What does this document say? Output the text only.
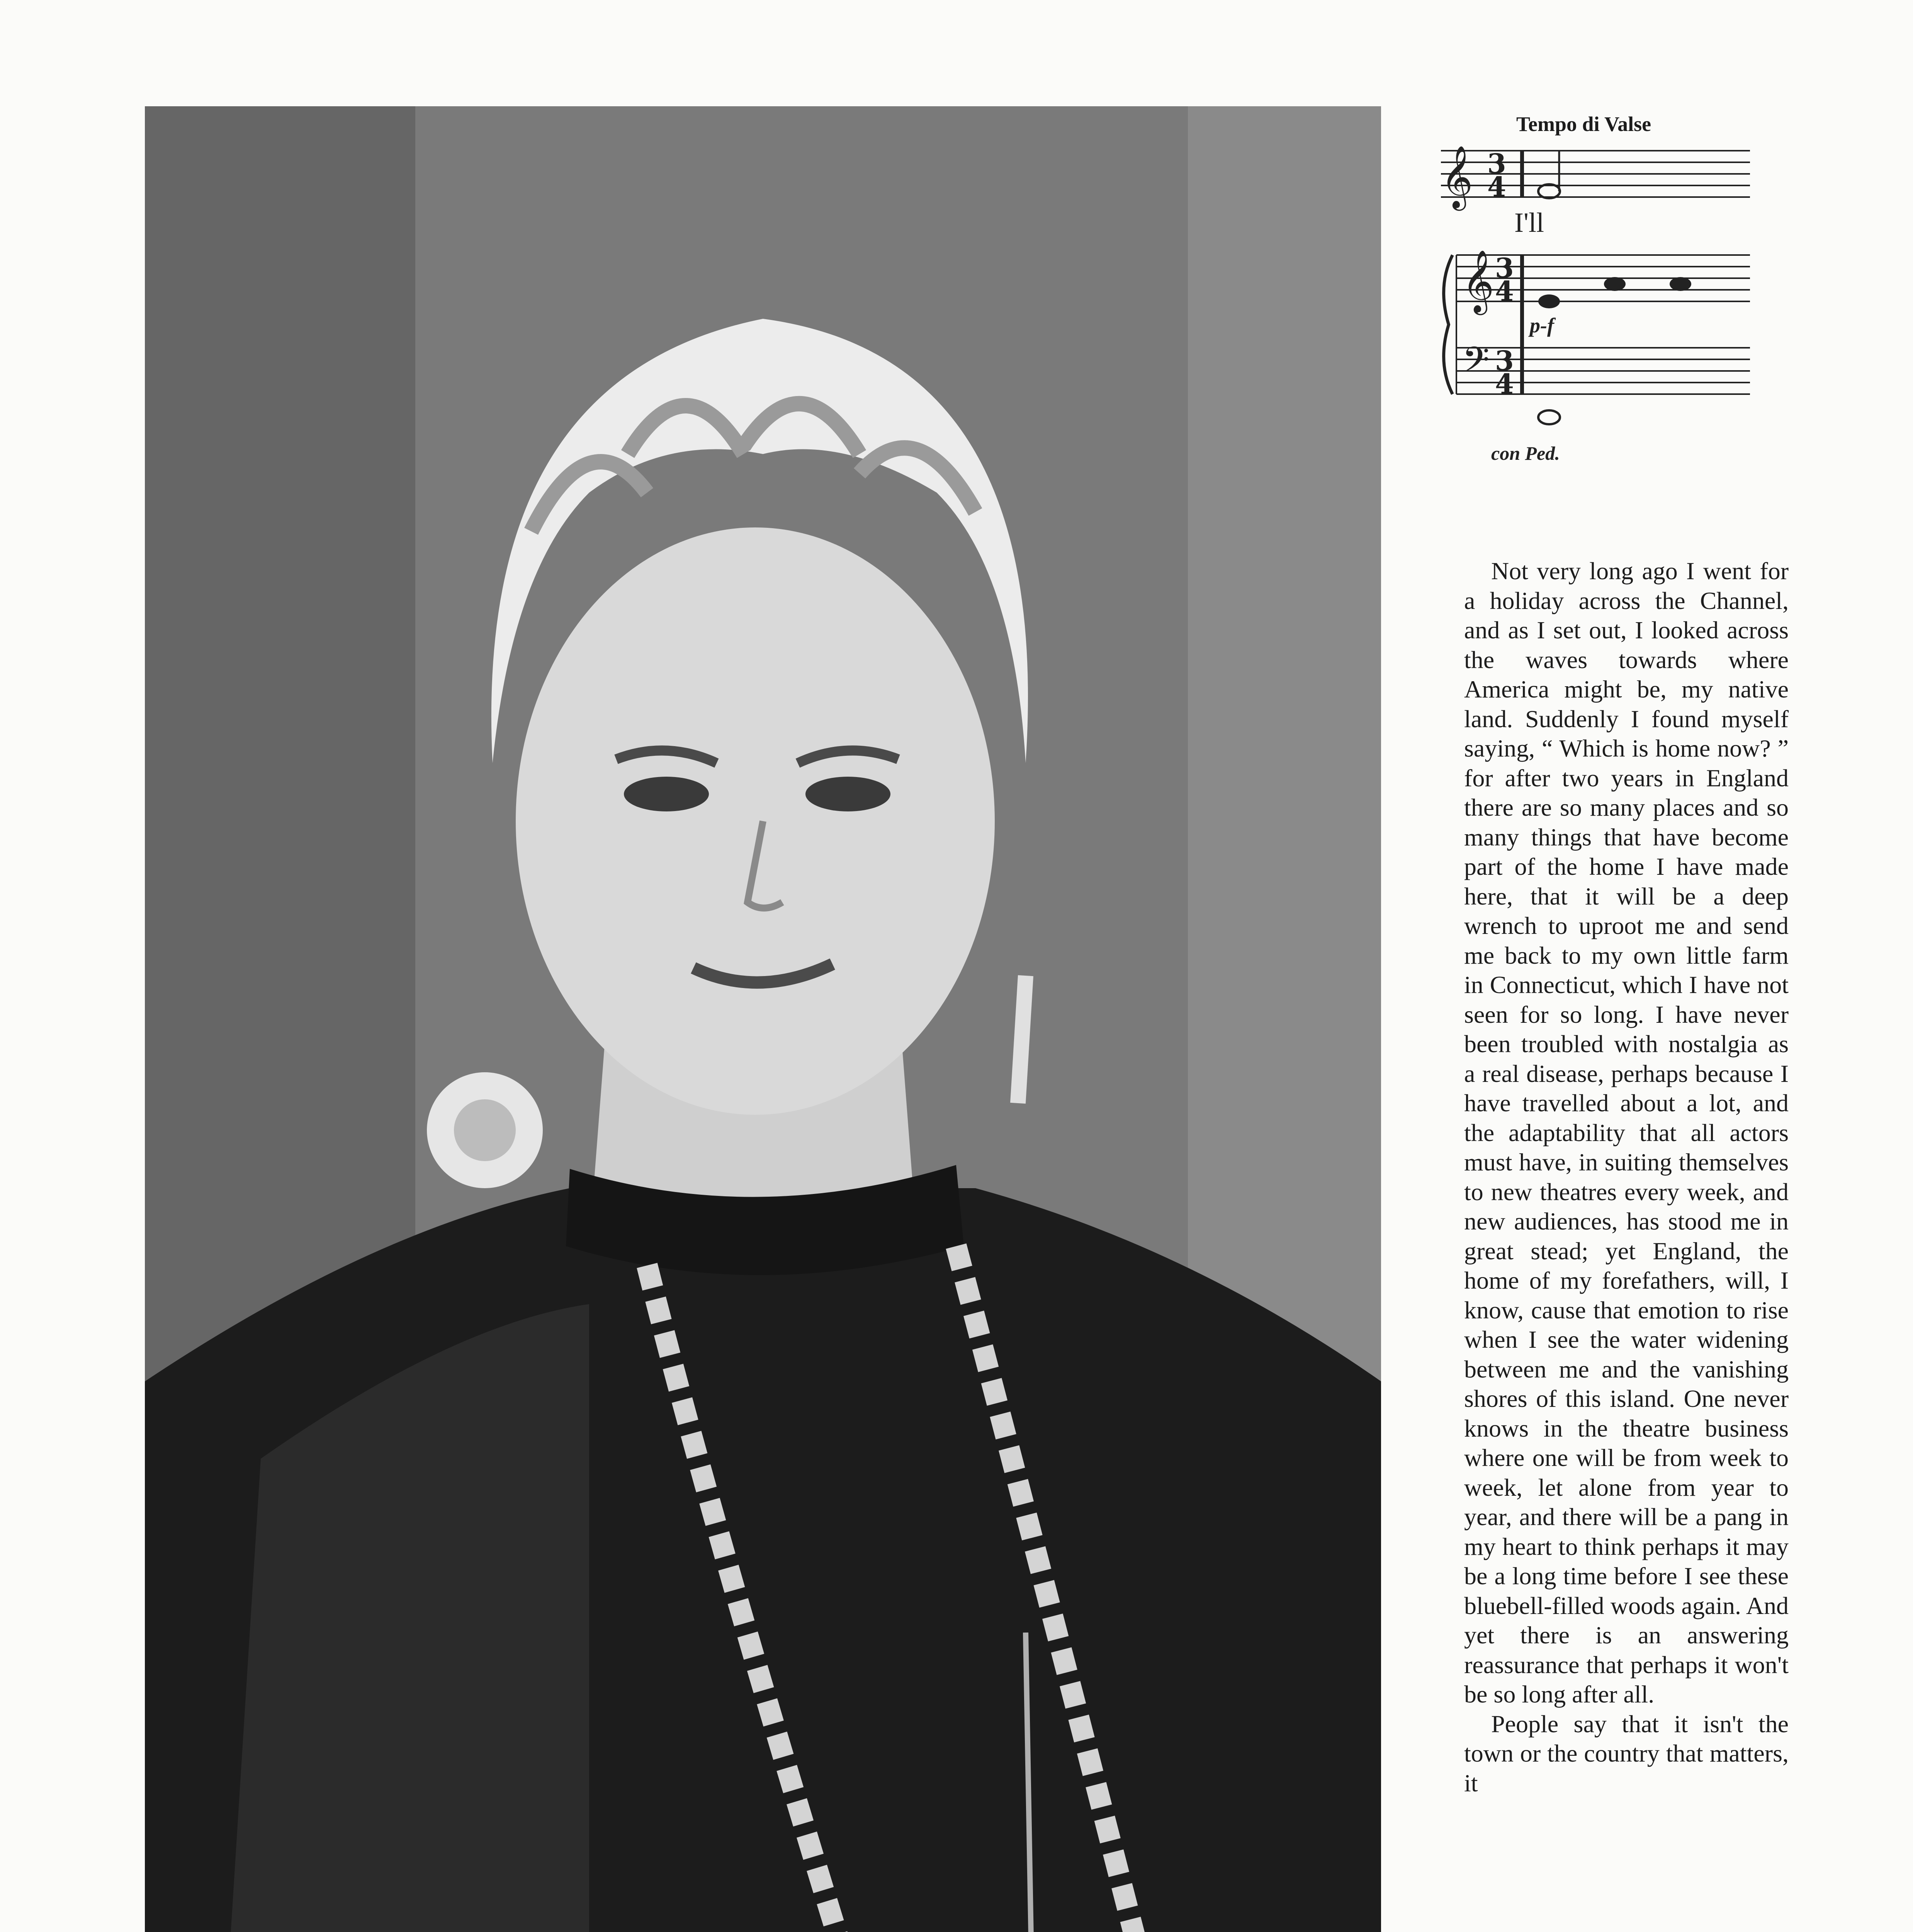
Tempo di Valse
𝄞 3
4
𝄞 3
4
𝄢 3
4
I'll
p-f
con Ped.

Not very long ago I went for a holiday across the Channel, and as I set out, I looked across the waves towards where America might be, my native land. Suddenly I found myself saying, “ Which is home now? ” for after two years in England there are so many places and so many things that have become part of the home I have made here, that it will be a deep wrench to uproot me and send me back to my own little farm in Connecticut, which I have not seen for so long. I have never been troubled with nostalgia as a real disease, perhaps because I have travelled about a lot, and the adaptability that all actors must have, in suiting themselves to new theatres every week, and new audiences, has stood me in great stead; yet England, the home of my forefathers, will, I know, cause that emotion to rise when I see the water widening between me and the vanishing shores of this island. One never knows in the theatre business where one will be from week to week, let alone from year to year, and there will be a pang in my heart to think perhaps it may be a long time before I see these bluebell-filled woods again. And yet there is an answering reassurance that perhaps it won't be so long after all.

People say that it isn't the town or the country that matters, it
